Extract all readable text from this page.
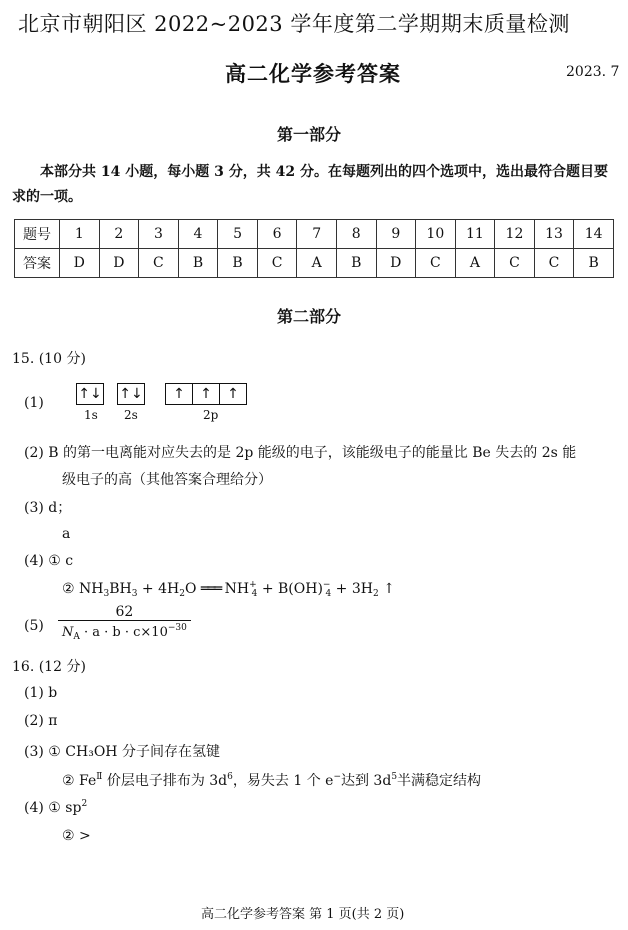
北京市朝阳区 2022~2023 学年度第二学期期末质量检测
高二化学参考答案	2023. 7
第一部分
本部分共 14 小题，每小题 3 分，共 42 分。在每题列出的四个选项中，选出最符合题目要求的一项。
题号	1	2	3	4	5	6	7	8	9	10	11	12	13	14
答案	D	D	C	B	B	C	A	B	D	C	A	C	C	B
第二部分
15. (10 分)
(1)
↑↓ ↑↓	↑	↑	↑
1s 2s	2p
(2) B 的第一电离能对应失去的是 2p 能级的电子，该能级电子的能量比 Be 失去的 2s 能
级电子的高（其他答案合理给分）
(3) d；
a
(4) ① c
② $NH_3BH_3 + 4H_2O$ ═══ $NH^+_4 + B(OH)^-_4 + 3H_2$ ↑
$(5) \frac{62}{N_A \cdot a \cdot b \cdot c\times 10^{-30}}$
16. (12 分)
(1) b
(2) π
(3) ① CH₃OH 分子间存在氢键
② $Fe^Ⅱ$ 价层电子排布为 $3d^6$，易失去 1 个 e−达到 $3d^5$半满稳定结构
(4) ① $sp^2$
② >
高二化学参考答案 第 1 页(共 2 页)
